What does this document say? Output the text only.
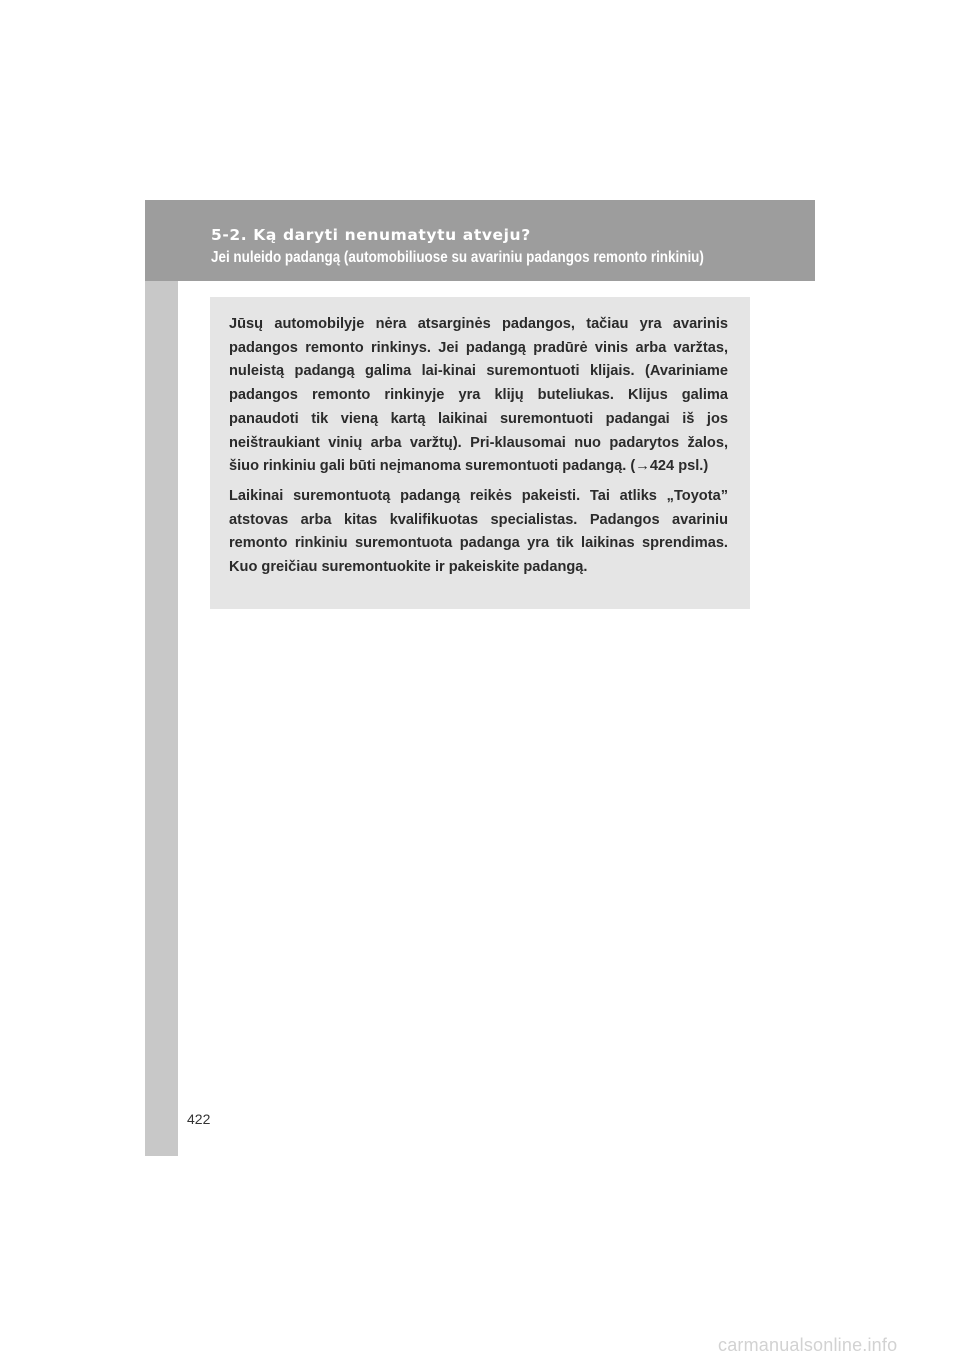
5-2. Ką daryti nenumatytu atveju?

Jei nuleido padangą (automobiliuose su avariniu padangos remonto rinkiniu)

Jūsų automobilyje nėra atsarginės padangos, tačiau yra avarinis padangos remonto rinkinys. Jei padangą pradūrė vinis arba varžtas, nuleistą padangą galima lai-kinai suremontuoti klijais. (Avariniame padangos remonto rinkinyje yra klijų buteliukas. Klijus galima panaudoti tik vieną kartą laikinai suremontuoti padangai iš jos neištraukiant vinių arba varžtų). Pri-klausomai nuo padarytos žalos, šiuo rinkiniu gali būti neįmanoma suremontuoti padangą. (→424 psl.)

Laikinai suremontuotą padangą reikės pakeisti. Tai atliks „Toyota” atstovas arba kitas kvalifikuotas specialistas. Padangos avariniu remonto rinkiniu suremontuota padanga yra tik laikinas sprendimas. Kuo greičiau suremontuokite ir pakeiskite padangą.

422

carmanualsonline.info
